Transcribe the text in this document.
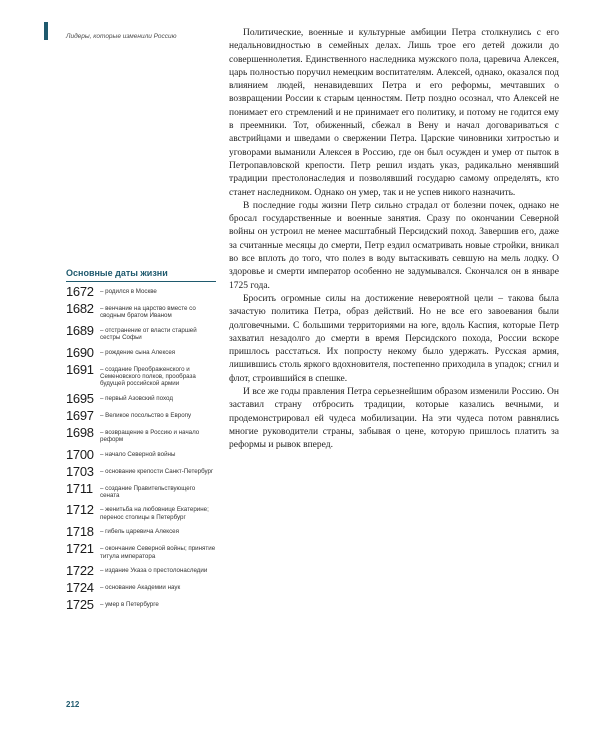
Лидеры, которые изменили Россию	Политические, военные и культурные амбиции Петра столкнулись с его недальновидностью в семейных делах. Лишь трое его детей дожили до совершеннолетия. Единственного наследника мужского пола, царевича Алексея, царь полностью поручил немецким воспитателям. Алексей, однако, оказался под влиянием людей, ненавидевших Петра и его реформы, мечтавших о возвращении России к старым ценностям. Петр поздно осознал, что Алексей не понимает его стремлений и не принимает его политику, и потому не годится ему в преемники. Тот, обиженный, сбежал в Вену и начал договариваться с австрийцами и шведами о свержении Петра. Царские чиновники хитростью и уговорами выманили Алексея в Россию, где он был осужден и умер от пыток в Петропавловской крепости. Петр решил издать указ, радикально менявший традиции престолонаследия и позволявший государю самому определять, кто станет наследником. Однако он умер, так и не успев никого назначить.

В последние годы жизни Петр сильно страдал от болезни почек, однако не бросал государственные и военные занятия. Сразу по окончании Северной войны он устроил не менее масштабный Персидский поход. Завершив его, даже за считанные месяцы до смерти, Петр ездил осматривать новые стройки, вникал во все вплоть до того, что полез в воду вытаскивать севшую на мель лодку. О здоровье и смерти император особенно не задумывался. Скончался он в январе 1725 года.

Бросить огромные силы на достижение невероятной цели – такова была зачастую политика Петра, образ действий. Но не все его завоевания были долговечными. С большими территориями на юге, вдоль Каспия, которые Петр захватил незадолго до смерти в время Персидского похода, России вскоре пришлось расстаться. Их попросту некому было удержать. Русская армия, лишившись столь яркого вдохновителя, постепенно приходила в упадок; сгнил и флот, строившийся в спешке.

И все же годы правления Петра серьезнейшим образом изменили Россию. Он заставил страну отбросить традиции, которые казались вечными, и продемонстрировал ей чудеса мобилизации. На эти чудеса потом равнялись многие руководители страны, забывая о цене, которую пришлось платить за реформы и рывок вперед.

Основные даты жизни
1672	– родился в Москве
1682	– венчание на царство вместе со сводным братом Иваном
1689	– отстранение от власти старшей сестры Софьи
1690	– рождение сына Алексея
1691	– создание Преображенского и Семеновского полков, прообраза будущей российской армии
1695	– первый Азовский поход
1697	– Великое посольство в Европу
1698	– возвращение в Россию и начало реформ
1700	– начало Северной войны
1703	– основание крепости Санкт-Петербург
1711	– создание Правительствующего сената
1712	– женитьба на любовнице Екатерине; перенос столицы в Петербург
1718	– гибель царевича Алексея
1721	– окончание Северной войны; принятие титула императора
1722	– издание Указа о престолонаследии
1724	– основание Академии наук
1725	– умер в Петербурге
212
